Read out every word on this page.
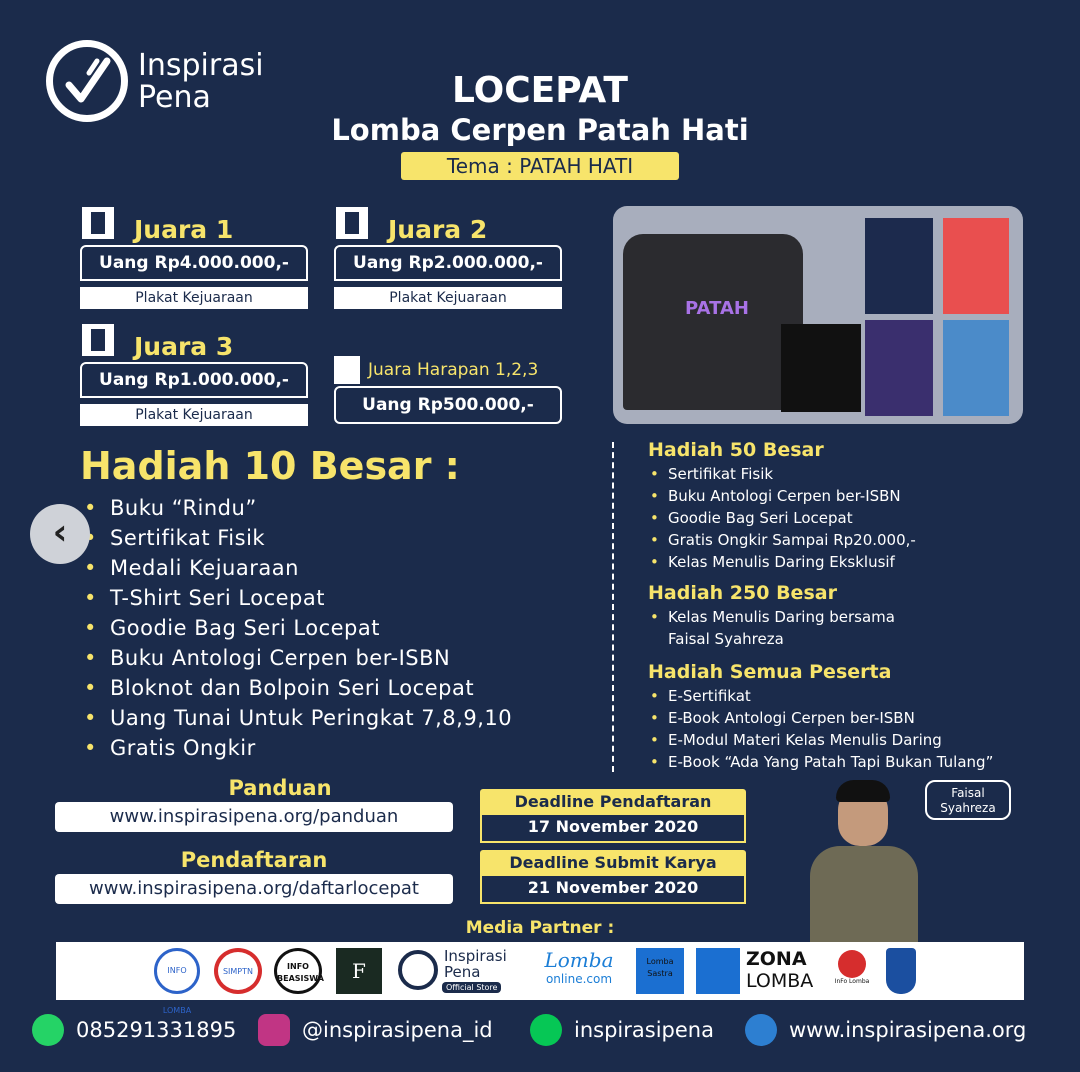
Inspirasi
Pena	LOCEPAT
Lomba Cerpen Patah Hati
Tema : PATAH HATI
Juara 1
Uang Rp4.000.000,-
Plakat Kejuaraan
Juara 2
Uang Rp2.000.000,-
Plakat Kejuaraan
Juara 3
Uang Rp1.000.000,-
Plakat Kejuaraan
Juara Harapan 1,2,3
Uang Rp500.000,-
PATAH
Hadiah 10 Besar :
• Buku “Rindu”
• Sertifikat Fisik
• Medali Kejuaraan
• T-Shirt Seri Locepat
• Goodie Bag Seri Locepat
• Buku Antologi Cerpen ber-ISBN
• Bloknot dan Bolpoin Seri Locepat
• Uang Tunai Untuk Peringkat 7,8,9,10
• Gratis Ongkir
‹
Hadiah 50 Besar
• Sertifikat Fisik
• Buku Antologi Cerpen ber-ISBN
• Goodie Bag Seri Locepat
• Gratis Ongkir Sampai Rp20.000,-
• Kelas Menulis Daring Eksklusif
Hadiah 250 Besar
• Kelas Menulis Daring bersama Faisal Syahreza
Hadiah Semua Peserta
• E-Sertifikat
• E-Book Antologi Cerpen ber-ISBN
• E-Modul Materi Kelas Menulis Daring
• E-Book “Ada Yang Patah Tapi Bukan Tulang”
Panduan
www.inspirasipena.org/panduan
Pendaftaran
www.inspirasipena.org/daftarlocepat
Deadline Pendaftaran
17 November 2020
Deadline Submit Karya
21 November 2020
Faisal
Syahreza
Media Partner :
INFO LOMBA
SIMPTN
INFO BEASISWA	F
Inspirasi Pena
Official Store
Lomba
online.com
Lomba Sastra
ZONA
LOMBA	InFo Lomba
085291331895	@inspirasipena_id	inspirasipena	www.inspirasipena.org
